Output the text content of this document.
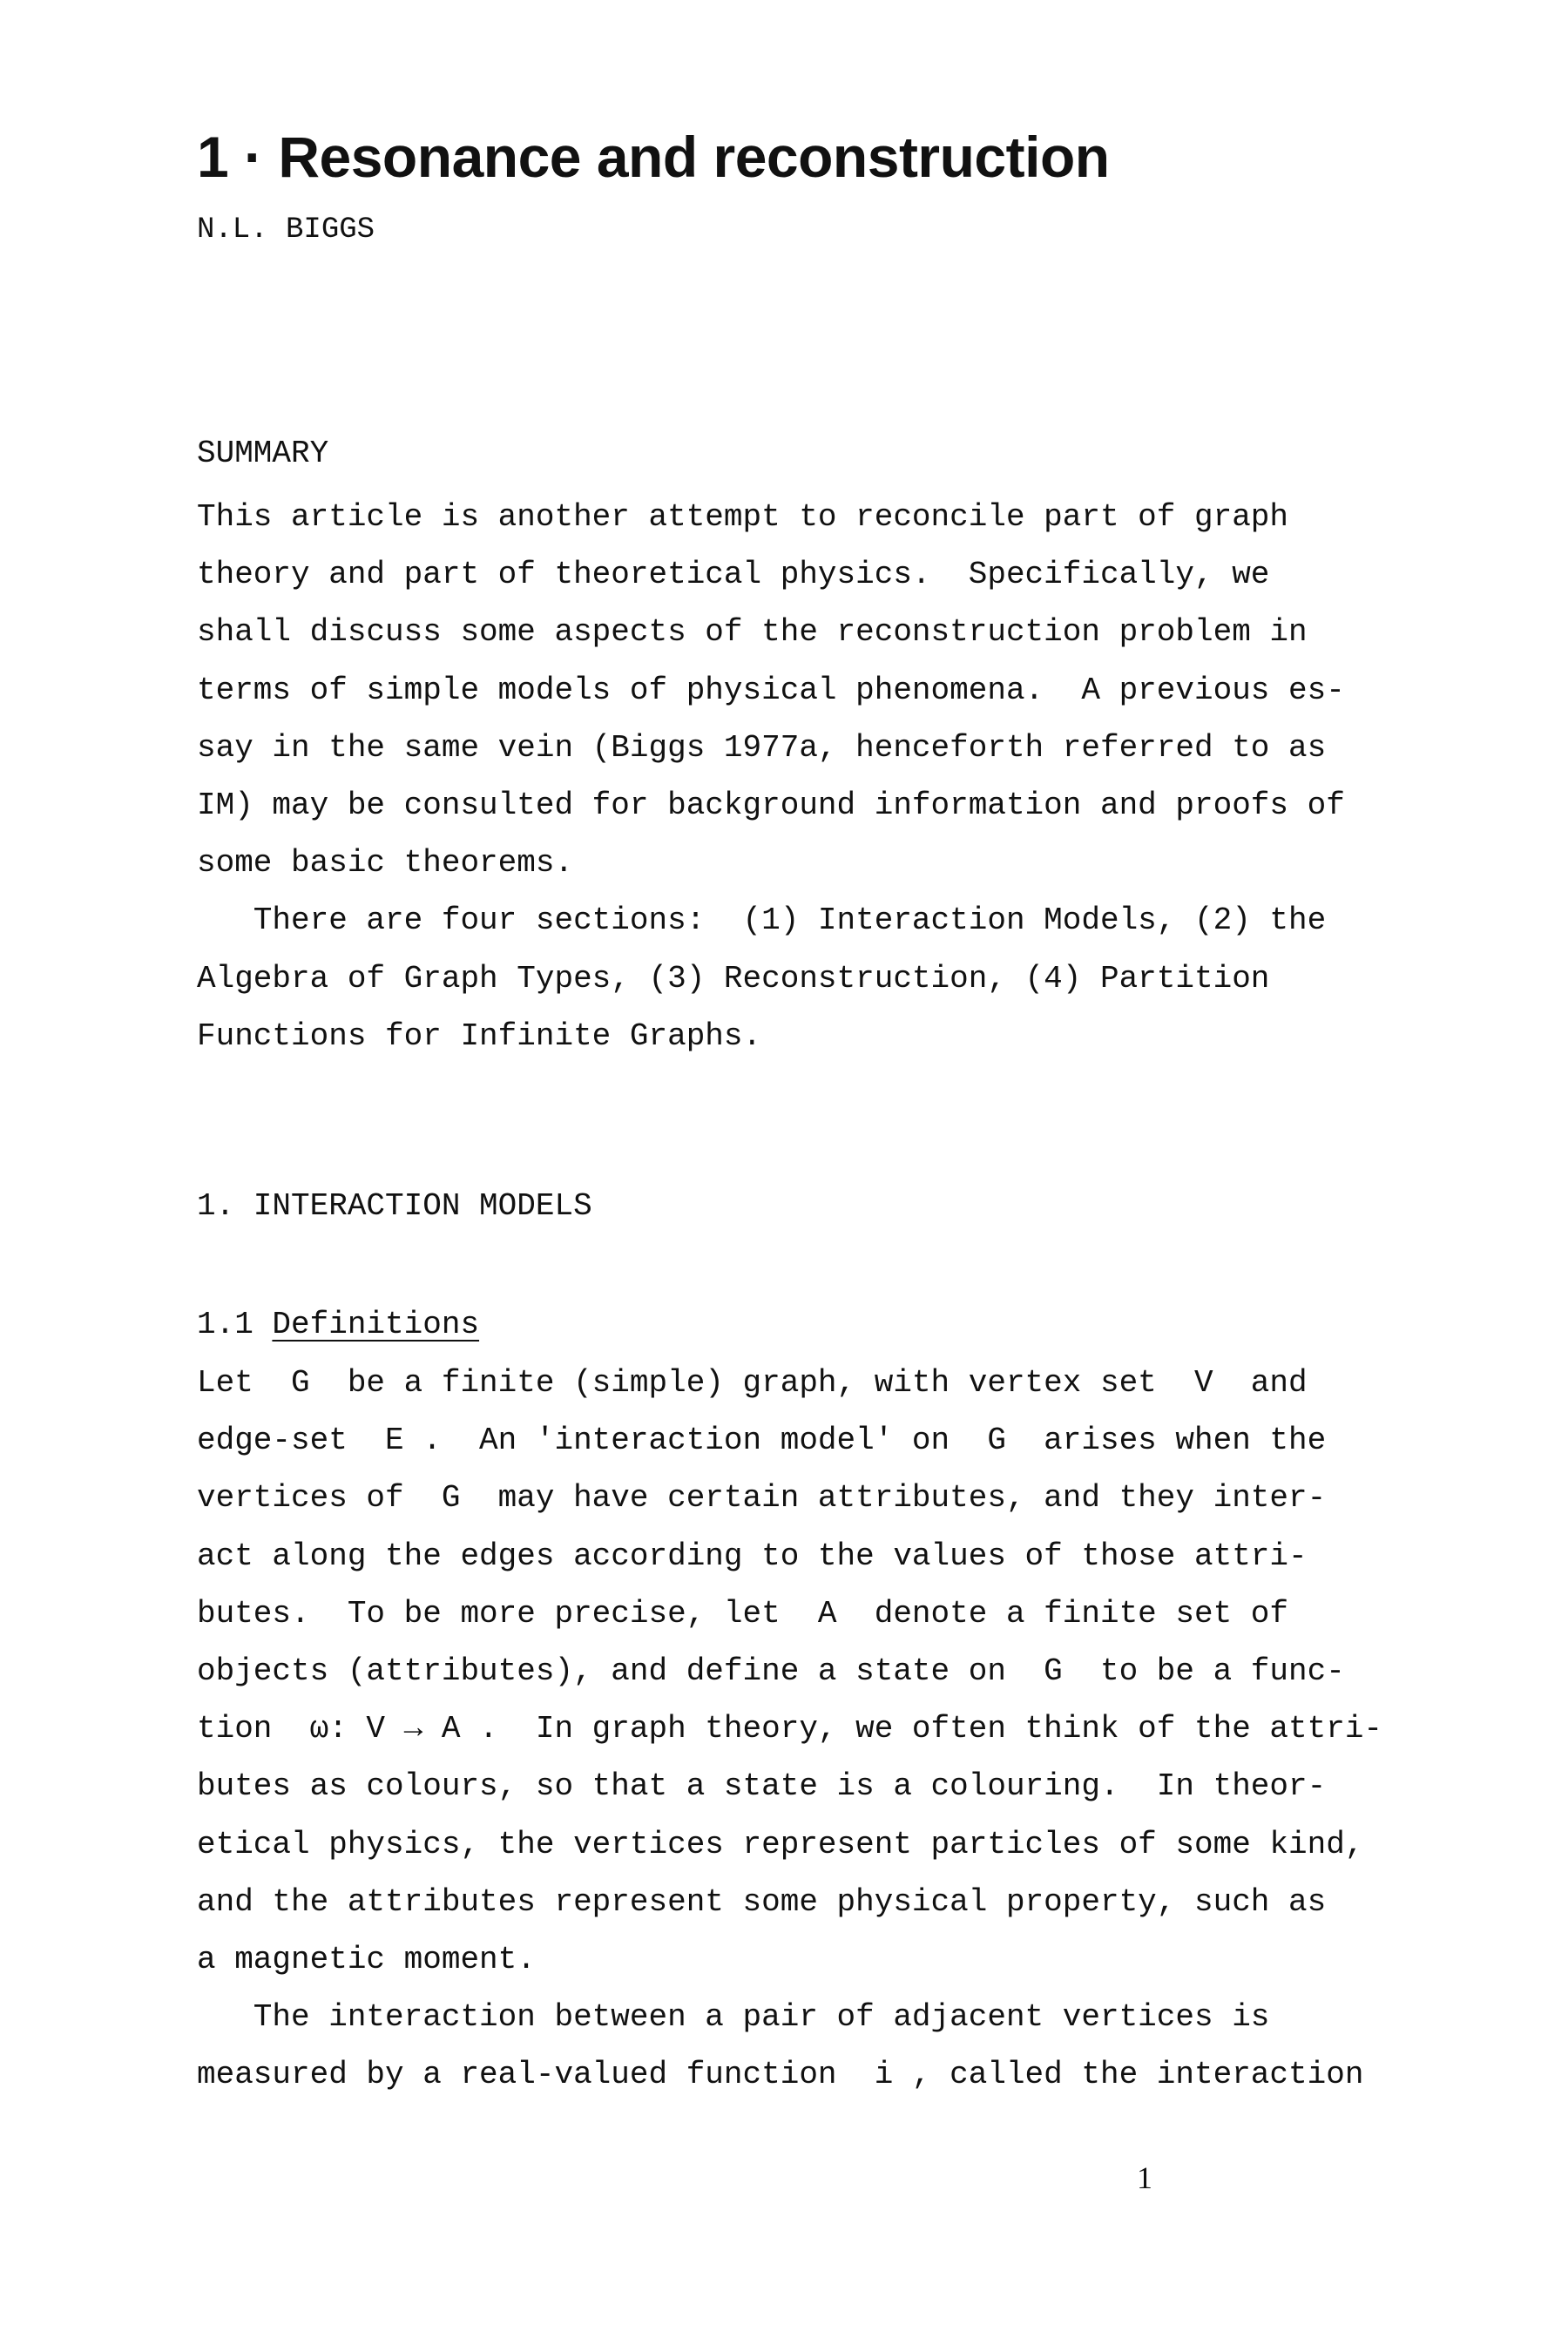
1 · Resonance and reconstruction
N.L. BIGGS
SUMMARY
This article is another attempt to reconcile part of graph
theory and part of theoretical physics.  Specifically, we
shall discuss some aspects of the reconstruction problem in
terms of simple models of physical phenomena.  A previous es-
say in the same vein (Biggs 1977a, henceforth referred to as
IM) may be consulted for background information and proofs of
some basic theorems.
There are four sections:  (1) Interaction Models, (2) the
Algebra of Graph Types, (3) Reconstruction, (4) Partition
Functions for Infinite Graphs.
1. INTERACTION MODELS
1.1 Definitions
Let  G  be a finite (simple) graph, with vertex set  V  and
edge-set  E .  An 'interaction model' on  G  arises when the
vertices of  G  may have certain attributes, and they inter-
act along the edges according to the values of those attri-
butes.  To be more precise, let  A  denote a finite set of
objects (attributes), and define a state on  G  to be a func-
tion  ω: V → A .  In graph theory, we often think of the attri-
butes as colours, so that a state is a colouring.  In theor-
etical physics, the vertices represent particles of some kind,
and the attributes represent some physical property, such as
a magnetic moment.
The interaction between a pair of adjacent vertices is
measured by a real-valued function  i , called the interaction
1
